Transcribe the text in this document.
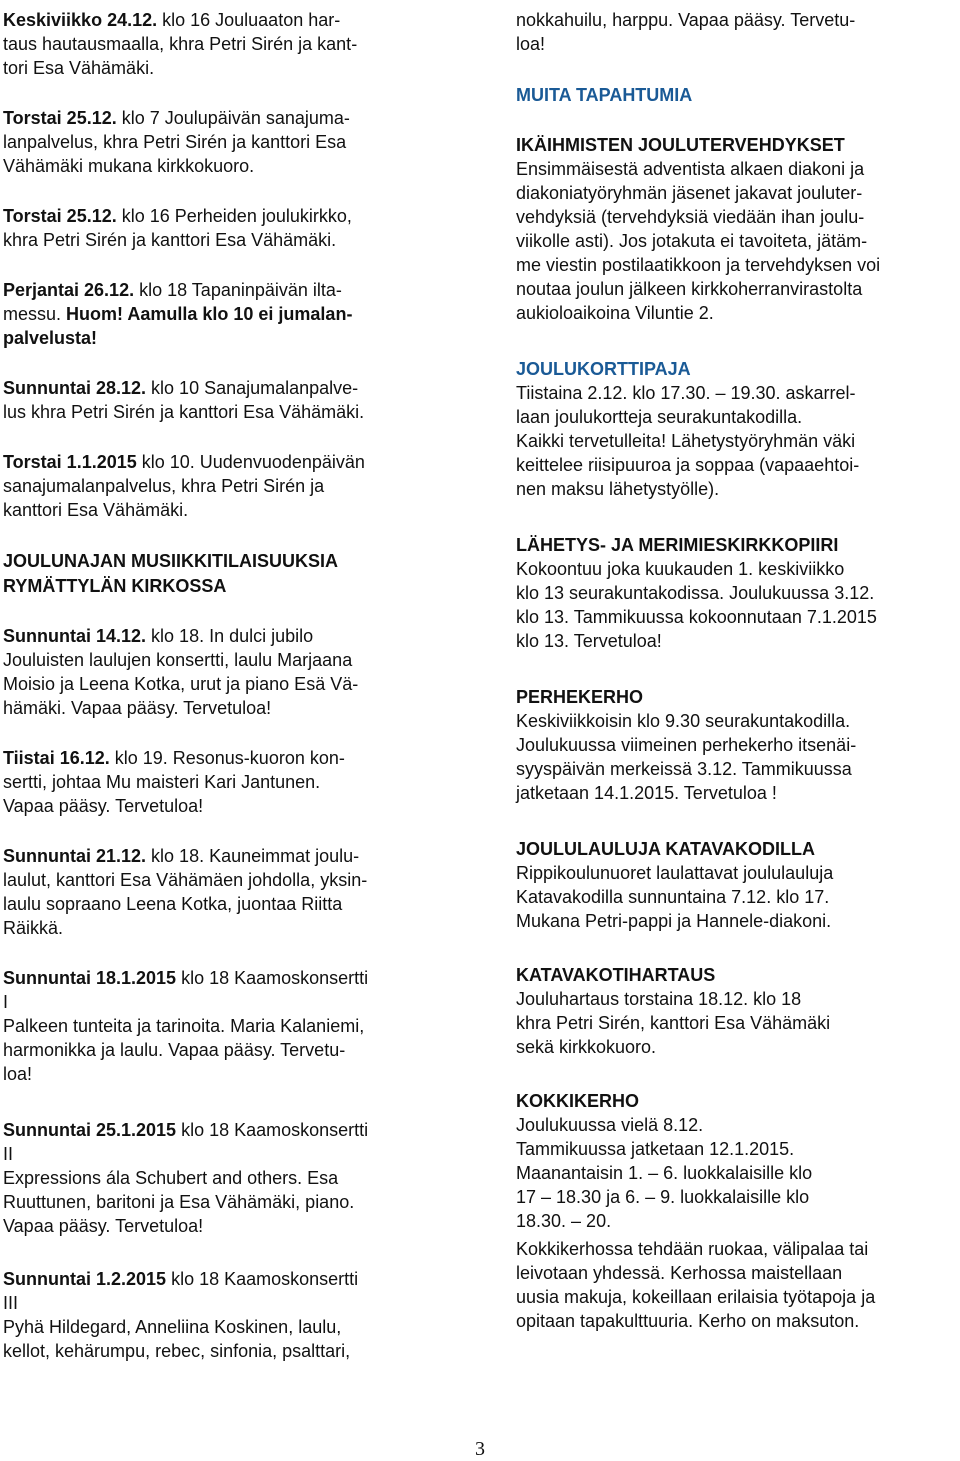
Keskiviikko 24.12. klo 16 Jouluaaton har-
taus hautausmaalla, khra Petri Sirén ja kant-
tori Esa Vähämäki.
Torstai 25.12. klo 7 Joulupäivän sanajuma-
lanpalvelus, khra Petri Sirén ja kanttori Esa
Vähämäki mukana kirkkokuoro.
Torstai 25.12. klo 16 Perheiden joulukirkko,
khra Petri Sirén ja kanttori Esa Vähämäki.
Perjantai 26.12. klo 18 Tapaninpäivän ilta-
messu. Huom! Aamulla klo 10 ei jumalan-
palvelusta!
Sunnuntai 28.12. klo 10 Sanajumalanpalve-
lus khra Petri Sirén ja kanttori Esa Vähämäki.
Torstai 1.1.2015 klo 10. Uudenvuodenpäivän
sanajumalanpalvelus, khra Petri Sirén ja
kanttori Esa Vähämäki.
JOULUNAJAN MUSIIKKITILAISUUKSIA
RYMÄTTYLÄN KIRKOSSA
Sunnuntai 14.12. klo 18. In dulci jubilo
Jouluisten laulujen konsertti, laulu Marjaana
Moisio ja Leena Kotka, urut ja piano Esä Vä-
hämäki. Vapaa pääsy. Tervetuloa!
Tiistai 16.12. klo 19. Resonus-kuoron kon-
sertti, johtaa Mu maisteri Kari Jantunen.
Vapaa pääsy. Tervetuloa!
Sunnuntai 21.12. klo 18. Kauneimmat joulu-
laulut, kanttori Esa Vähämäen johdolla, yksin-
laulu sopraano Leena Kotka, juontaa Riitta
Räikkä.
Sunnuntai 18.1.2015 klo 18 Kaamoskonsertti
I
Palkeen tunteita ja tarinoita. Maria Kalaniemi,
harmonikka ja laulu. Vapaa pääsy. Tervetu-
loa!
Sunnuntai 25.1.2015 klo 18 Kaamoskonsertti
II
Expressions ála Schubert and others. Esa
Ruuttunen, baritoni ja Esa Vähämäki, piano.
Vapaa pääsy. Tervetuloa!
Sunnuntai 1.2.2015 klo 18 Kaamoskonsertti
III
Pyhä Hildegard, Anneliina Koskinen, laulu,
kellot, kehärumpu, rebec, sinfonia, psalttari,
nokkahuilu, harppu. Vapaa pääsy. Tervetu-
loa!
MUITA TAPAHTUMIA
IKÄIHMISTEN JOULUTERVEHDYKSET
Ensimmäisestä adventista alkaen diakoni ja
diakoniatyöryhmän jäsenet jakavat jouluter-
vehdyksiä (tervehdyksiä viedään ihan joulu-
viikolle asti). Jos jotakuta ei tavoiteta, jätäm-
me viestin postilaatikkoon ja tervehdyksen voi
noutaa joulun jälkeen kirkkoherranvirastolta
aukioloaikoina Viluntie 2.
JOULUKORTTIPAJA
Tiistaina 2.12. klo 17.30. ‒ 19.30. askarrel-
laan joulukortteja seurakuntakodilla.
Kaikki tervetulleita! Lähetystyöryhmän väki
keittelee riisipuuroa ja soppaa (vapaaehtoi-
nen maksu lähetystyölle).
LÄHETYS- JA MERIMIESKIRKKOPIIRI
Kokoontuu joka kuukauden 1. keskiviikko
klo 13 seurakuntakodissa. Joulukuussa 3.12.
klo 13. Tammikuussa kokoonnutaan 7.1.2015
klo 13. Tervetuloa!
PERHEKERHO
Keskiviikkoisin klo 9.30 seurakuntakodilla.
Joulukuussa viimeinen perhekerho itsenäi-
syyspäivän merkeissä 3.12. Tammikuussa
jatketaan 14.1.2015. Tervetuloa !
JOULULAULUJA KATAVAKODILLA
Rippikoulunuoret laulattavat joululauluja
Katavakodilla sunnuntaina 7.12. klo 17.
Mukana Petri-pappi ja Hannele-diakoni.
KATAVAKOTIHARTAUS
Jouluhartaus torstaina 18.12. klo 18
khra Petri Sirén, kanttori Esa Vähämäki
sekä kirkkokuoro.
KOKKIKERHO
Joulukuussa vielä 8.12.
Tammikuussa jatketaan 12.1.2015.
Maanantaisin 1. ‒ 6. luokkalaisille klo
17 ‒ 18.30 ja 6. ‒ 9. luokkalaisille klo
18.30. ‒ 20.
Kokkikerhossa tehdään ruokaa, välipalaa tai
leivotaan yhdessä. Kerhossa maistellaan
uusia makuja, kokeillaan erilaisia työtapoja ja
opitaan tapakulttuuria. Kerho on maksuton.
3
